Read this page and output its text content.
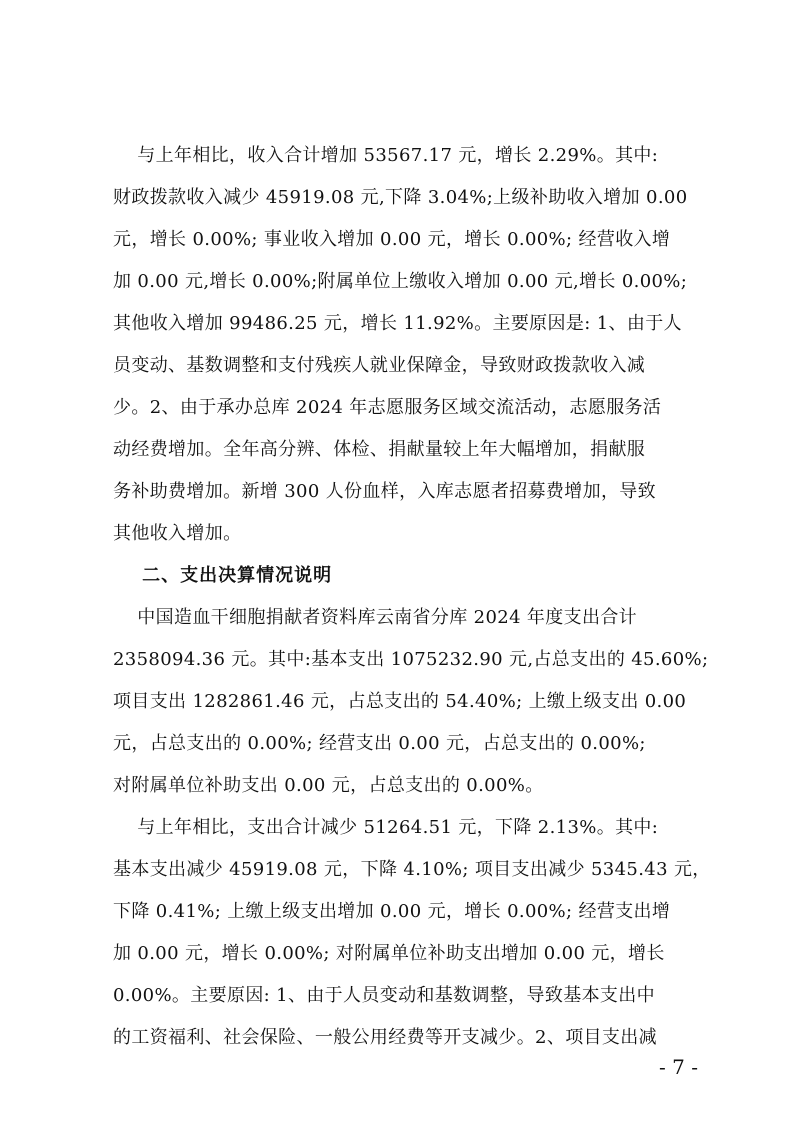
与上年相比，收入合计增加 53567.17 元，增长 2.29%。其中:
财政拨款收入减少 45919.08 元,下降 3.04%;上级补助收入增加 0.00
元，增长 0.00%; 事业收入增加 0.00 元，增长 0.00%; 经营收入增
加 0.00 元,增长 0.00%;附属单位上缴收入增加 0.00 元,增长 0.00%;
其他收入增加 99486.25 元，增长 11.92%。主要原因是: 1、由于人
员变动、基数调整和支付残疾人就业保障金，导致财政拨款收入减
少。2、由于承办总库 2024 年志愿服务区域交流活动，志愿服务活
动经费增加。全年高分辨、体检、捐献量较上年大幅增加，捐献服
务补助费增加。新增 300 人份血样，入库志愿者招募费增加，导致
其他收入增加。
二、支出决算情况说明
中国造血干细胞捐献者资料库云南省分库 2024 年度支出合计
2358094.36 元。其中:基本支出 1075232.90 元,占总支出的 45.60%;
项目支出 1282861.46 元，占总支出的 54.40%; 上缴上级支出 0.00
元，占总支出的 0.00%; 经营支出 0.00 元，占总支出的 0.00%;
对附属单位补助支出 0.00 元，占总支出的 0.00%。
与上年相比，支出合计减少 51264.51 元，下降 2.13%。其中:
基本支出减少 45919.08 元，下降 4.10%; 项目支出减少 5345.43 元，
下降 0.41%; 上缴上级支出增加 0.00 元，增长 0.00%; 经营支出增
加 0.00 元，增长 0.00%; 对附属单位补助支出增加 0.00 元，增长
0.00%。主要原因: 1、由于人员变动和基数调整，导致基本支出中
的工资福利、社会保险、一般公用经费等开支减少。2、项目支出减
- 7 -
